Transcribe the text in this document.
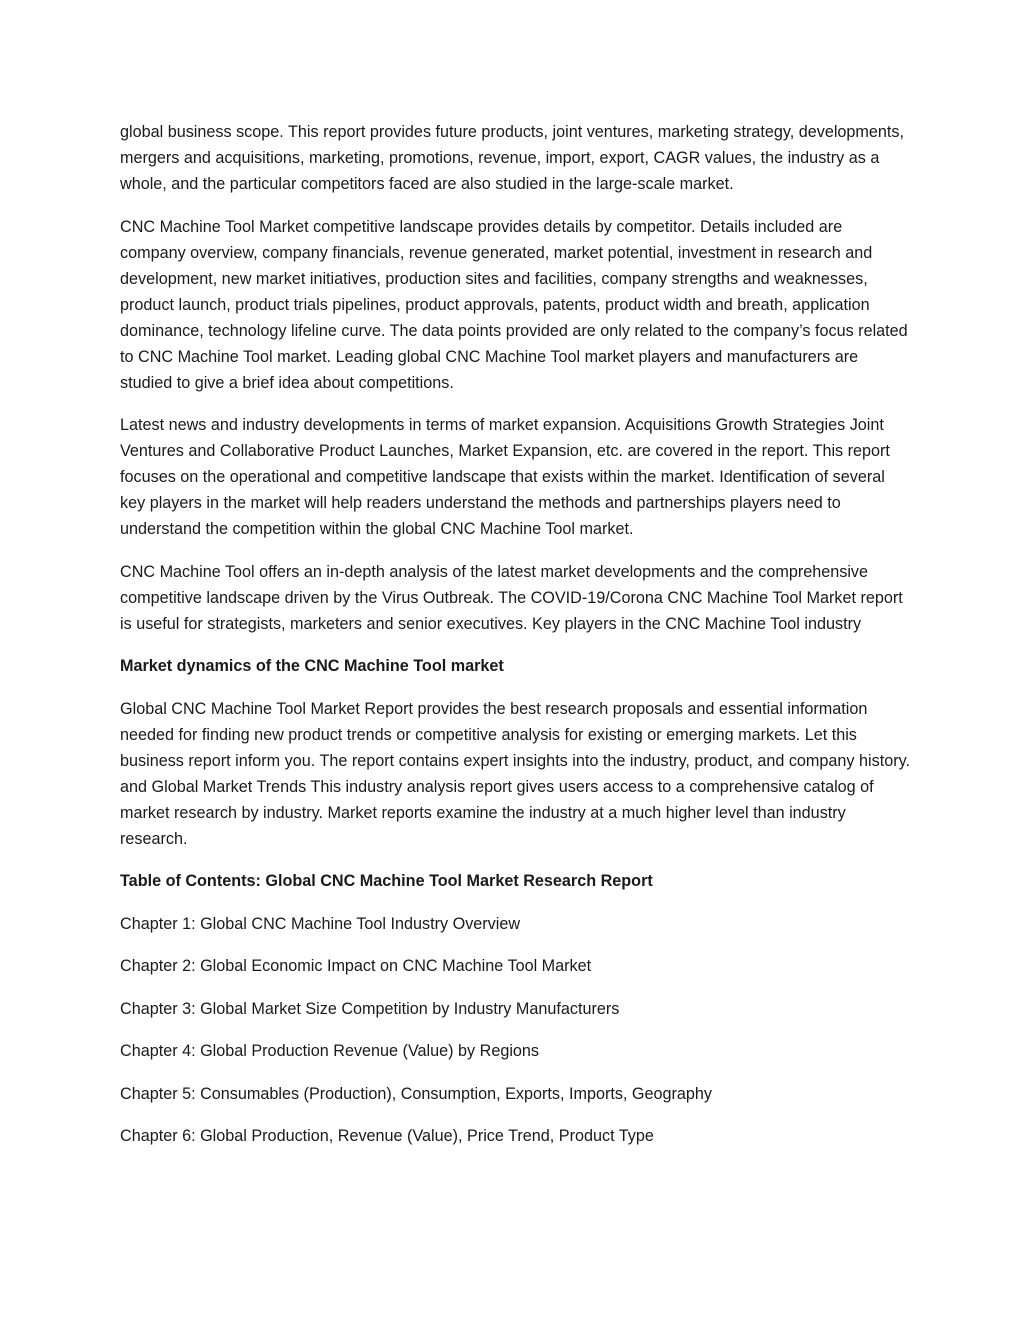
global business scope. This report provides future products, joint ventures, marketing strategy, developments, mergers and acquisitions, marketing, promotions, revenue, import, export, CAGR values, the industry as a whole, and the particular competitors faced are also studied in the large-scale market.

CNC Machine Tool Market competitive landscape provides details by competitor. Details included are company overview, company financials, revenue generated, market potential, investment in research and development, new market initiatives, production sites and facilities, company strengths and weaknesses, product launch, product trials pipelines, product approvals, patents, product width and breath, application dominance, technology lifeline curve. The data points provided are only related to the company’s focus related to CNC Machine Tool market. Leading global CNC Machine Tool market players and manufacturers are studied to give a brief idea about competitions.

Latest news and industry developments in terms of market expansion. Acquisitions Growth Strategies Joint Ventures and Collaborative Product Launches, Market Expansion, etc. are covered in the report. This report focuses on the operational and competitive landscape that exists within the market. Identification of several key players in the market will help readers understand the methods and partnerships players need to understand the competition within the global CNC Machine Tool market.

CNC Machine Tool offers an in-depth analysis of the latest market developments and the comprehensive competitive landscape driven by the Virus Outbreak. The COVID-19/Corona CNC Machine Tool Market report is useful for strategists, marketers and senior executives. Key players in the CNC Machine Tool industry

Market dynamics of the CNC Machine Tool market

Global CNC Machine Tool Market Report provides the best research proposals and essential information needed for finding new product trends or competitive analysis for existing or emerging markets. Let this business report inform you. The report contains expert insights into the industry, product, and company history. and Global Market Trends This industry analysis report gives users access to a comprehensive catalog of market research by industry. Market reports examine the industry at a much higher level than industry research.

Table of Contents: Global CNC Machine Tool Market Research Report

Chapter 1: Global CNC Machine Tool Industry Overview

Chapter 2: Global Economic Impact on CNC Machine Tool Market

Chapter 3: Global Market Size Competition by Industry Manufacturers

Chapter 4: Global Production Revenue (Value) by Regions

Chapter 5: Consumables (Production), Consumption, Exports, Imports, Geography

Chapter 6: Global Production, Revenue (Value), Price Trend, Product Type
